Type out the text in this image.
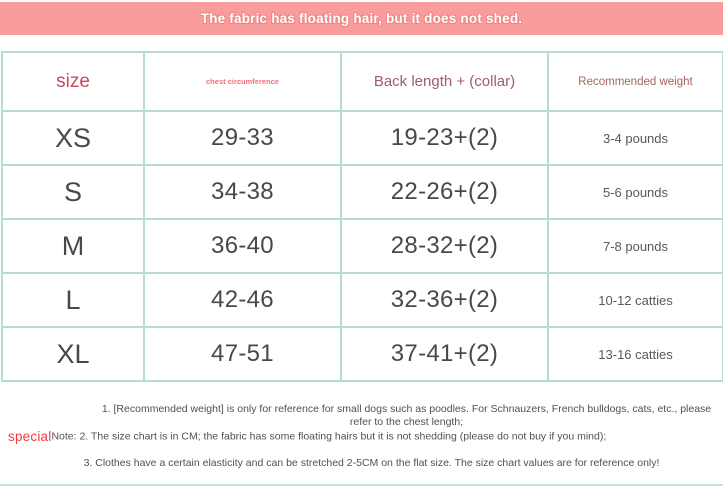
The fabric has floating hair, but it does not shed.
size	chest circumference	Back length + (collar)	Recommended weight
XS	29-33	19-23+(2)	3-4 pounds
S	34-38	22-26+(2)	5-6 pounds
M	36-40	28-32+(2)	7-8 pounds
L	42-46	32-36+(2)	10-12 catties
XL	47-51	37-41+(2)	13-16 catties
1. [Recommended weight] is only for reference for small dogs such as poodles. For Schnauzers, French bulldogs, cats, etc., please refer to the chest length;
specialNote: 2. The size chart is in CM; the fabric has some floating hairs but it is not shedding (please do not buy if you mind);
3. Clothes have a certain elasticity and can be stretched 2-5CM on the flat size. The size chart values are for reference only!
